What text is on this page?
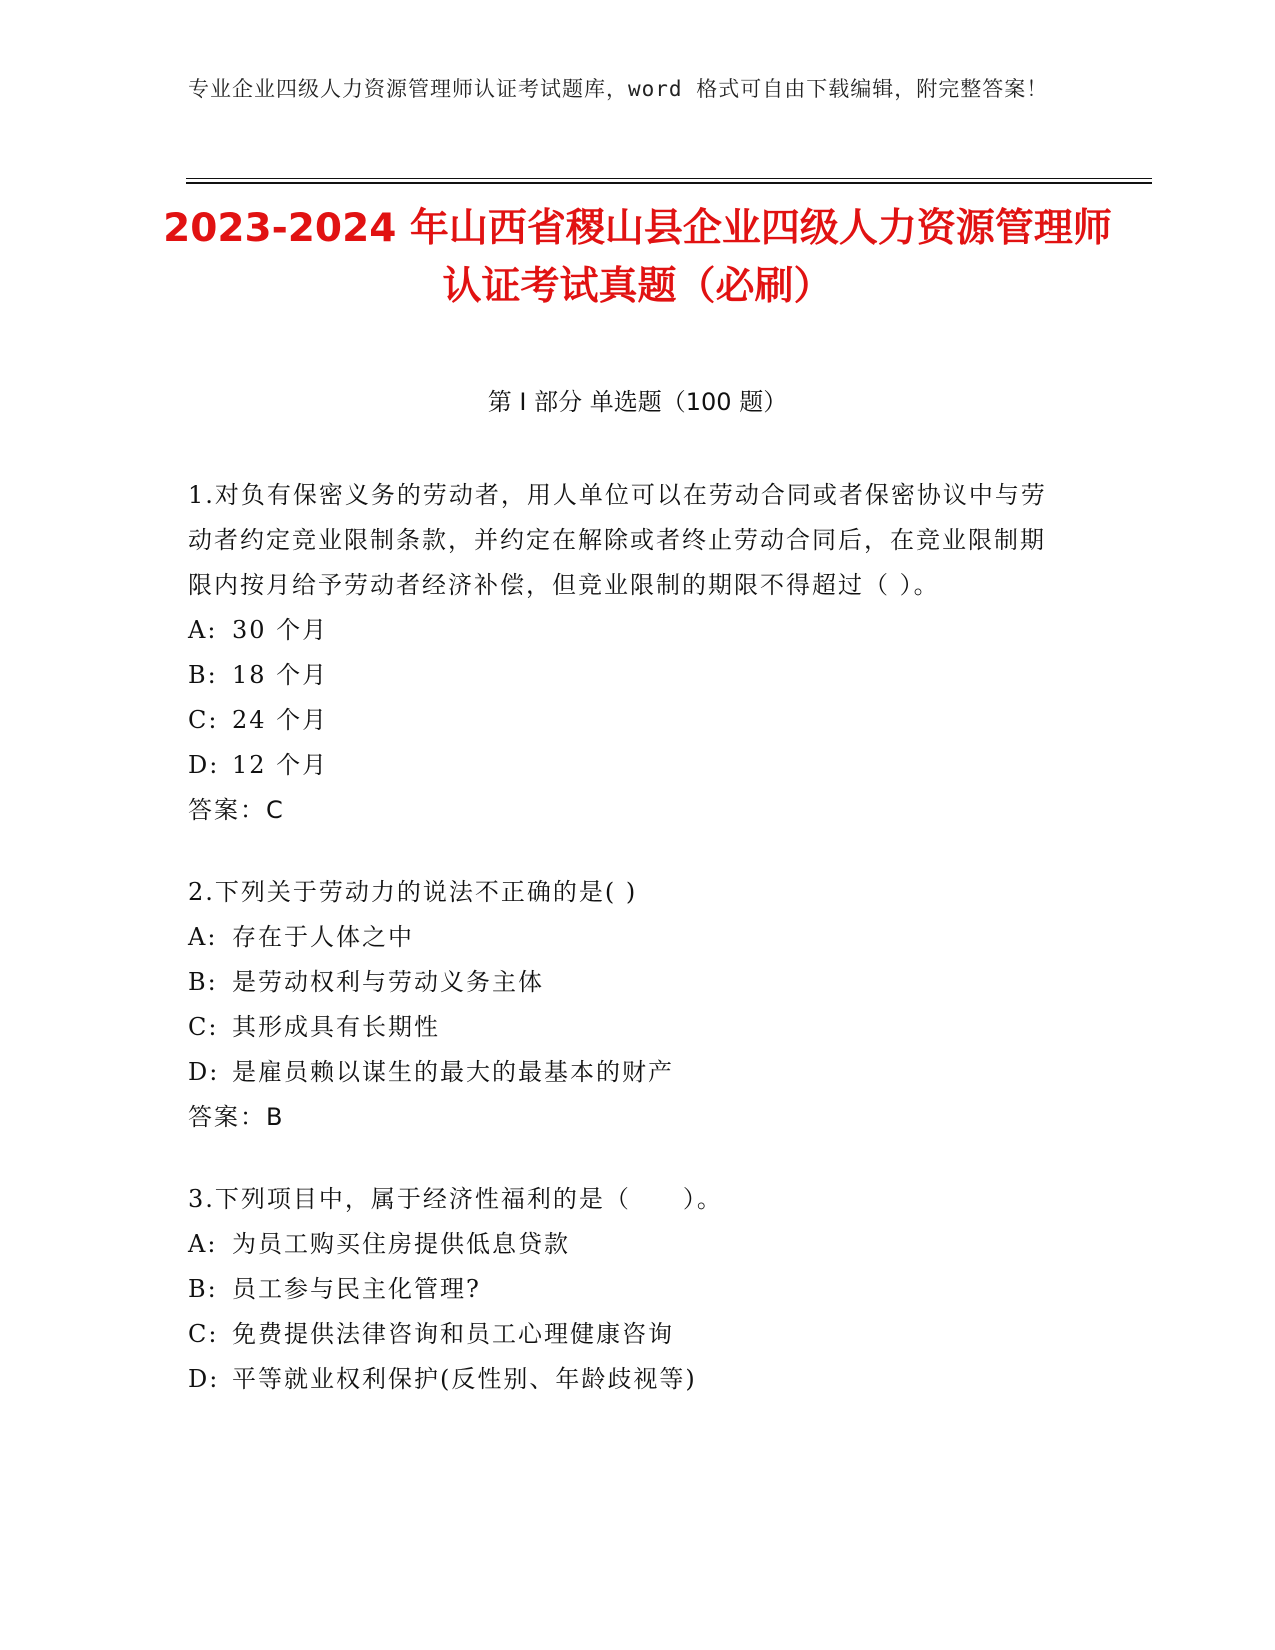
专业企业四级人力资源管理师认证考试题库，word 格式可自由下载编辑，附完整答案！
2023-2024 年山西省稷山县企业四级人力资源管理师认证考试真题（必刷）
第 I 部分 单选题（100 题）

1.对负有保密义务的劳动者，用人单位可以在劳动合同或者保密协议中与劳动者约定竞业限制条款，并约定在解除或者终止劳动合同后，在竞业限制期限内按月给予劳动者经济补偿，但竞业限制的期限不得超过（ ）。

A: 30 个月

B: 18 个月

C: 24 个月

D: 12 个月

答案：C

2.下列关于劳动力的说法不正确的是( )

A: 存在于人体之中

B: 是劳动权利与劳动义务主体

C: 其形成具有长期性

D: 是雇员赖以谋生的最大的最基本的财产

答案：B

3.下列项目中，属于经济性福利的是（　　）。

A: 为员工购买住房提供低息贷款

B: 员工参与民主化管理?

C: 免费提供法律咨询和员工心理健康咨询

D: 平等就业权利保护(反性别、年龄歧视等)
